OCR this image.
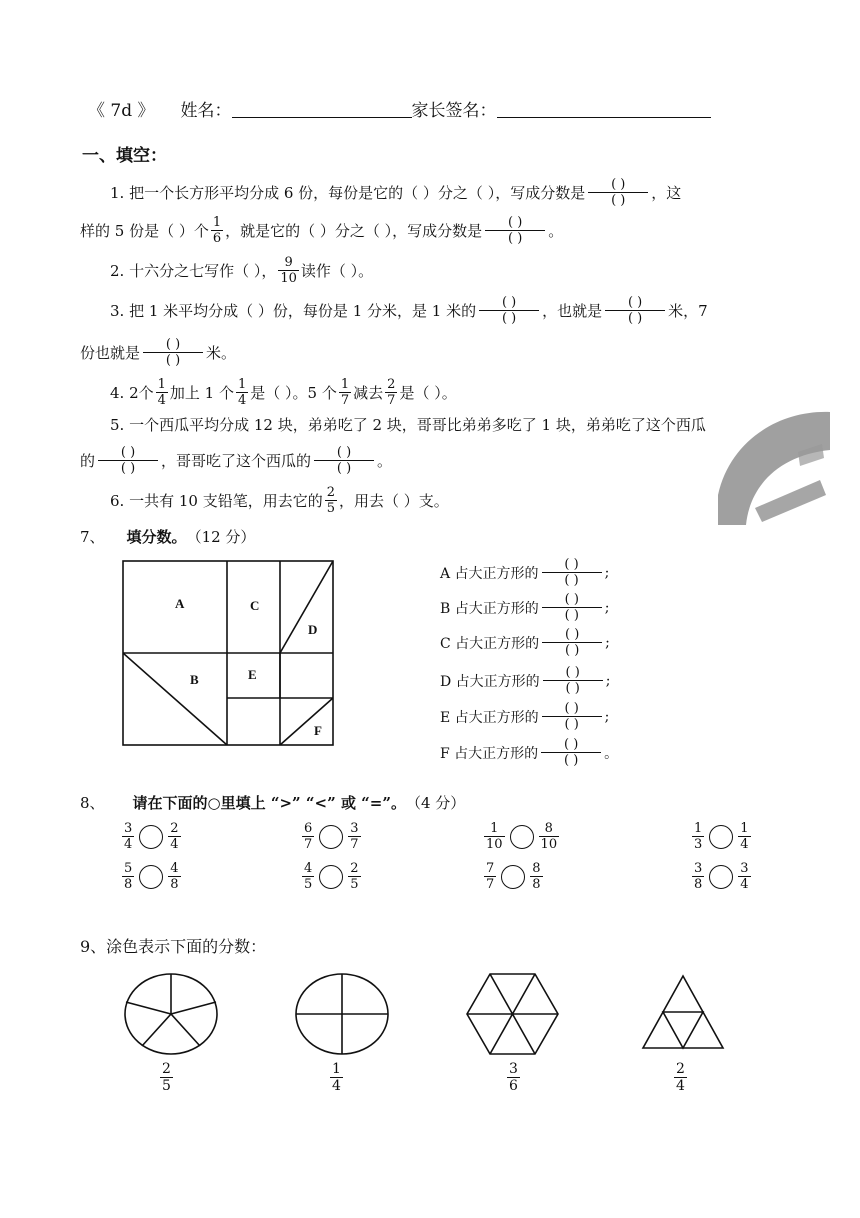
《 7d 》 姓名：	家长签名：
一、填空：
1. 把一个长方形平均分成 6 份，每份是它的（ ）分之（ ），写成分数是	( )
( )	，这
样的 5 份是（ ）个 $\frac{1}{6}$ ，就是它的（ ）分之（ ），写成分数是	( )
( )	。
2. 十六分之七写作（ ）， $\frac{9}{10}$ 读作（ ）。
3. 把 1 米平均分成（ ）份，每份是 1 分米，是 1 米的	( )
( )	，也就是	( )
( )	米，7
份也就是	( )
( )	米。
4. 2个 $\frac{1}{4}$ 加上 1 个 $\frac{1}{4}$ 是（ ）。5 个 $\frac{1}{7}$ 减去 $\frac{2}{7}$ 是（ ）。
5. 一个西瓜平均分成 12 块，弟弟吃了 2 块，哥哥比弟弟多吃了 1 块，弟弟吃了这个西瓜
的	( )
( )	，哥哥吃了这个西瓜的	( )
( )	。
6. 一共有 10 支铅笔，用去它的 $\frac{2}{5}$ ，用去（ ）支。
7、 填分数。 （12 分）
A
B
C
D
E
F
A 占大正方形的
( )
( )	;
B 占大正方形的
( )
( )	;
C 占大正方形的
( )
( )	;
D 占大正方形的
( )
( )	;
E 占大正方形的
( )
( )	;
F 占大正方形的
( )
( )	。
8、 请在下面的○里填上 “>” “<” 或 “=”。 （4 分）
$\frac{3}{4}$	$\frac{2}{4}$	$\frac{6}{7}$	$\frac{3}{7}$	$\frac{1}{10}$	$\frac{8}{10}$	$\frac{1}{3}$	$\frac{1}{4}$
$\frac{5}{8}$	$\frac{4}{8}$	$\frac{4}{5}$	$\frac{2}{5}$	$\frac{7}{7}$	$\frac{8}{8}$	$\frac{3}{8}$	$\frac{3}{4}$
9、涂色表示下面的分数：
$\frac{2}{5}$	$\frac{1}{4}$	$\frac{3}{6}$	$\frac{2}{4}$
